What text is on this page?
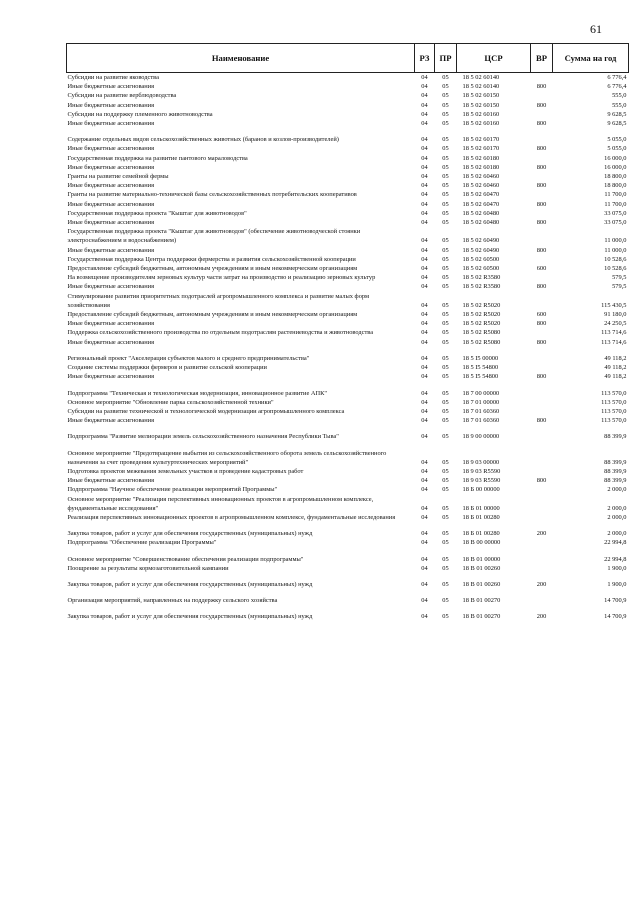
61
Наименование	РЗ	ПР	ЦСР	ВР	Сумма на год
Субсидии на развитие яководства	04	05	18 5 02 60140		6 776,4
Иные бюджетные ассигнования	04	05	18 5 02 60140	800	6 776,4
Субсидии на развитие верблюдоводства	04	05	18 5 02 60150		555,0
Иные бюджетные ассигнования	04	05	18 5 02 60150	800	555,0
Субсидии на поддержку племенного животноводства	04	05	18 5 02 60160		9 628,5
Иные бюджетные ассигнования	04	05	18 5 02 60160	800	9 628,5
Содержание отдельных видов сельскохозяйственных животных (баранов и козлов-производителей)	04	05	18 5 02 60170		5 055,0
Иные бюджетные ассигнования	04	05	18 5 02 60170	800	5 055,0
Государственная поддержка на развитие пантового мараловодства	04	05	18 5 02 60180		16 000,0
Иные бюджетные ассигнования	04	05	18 5 02 60180	800	16 000,0
Гранты на развитие семейной фермы	04	05	18 5 02 60460		18 800,0
Иные бюджетные ассигнования	04	05	18 5 02 60460	800	18 800,0
Гранты на развитие материально-технической базы сельскохозяйственных потребительских кооперативов	04	05	18 5 02 60470		11 700,0
Иные бюджетные ассигнования	04	05	18 5 02 60470	800	11 700,0
Государственная поддержка проекта "Кыштаг для животноводов"	04	05	18 5 02 60480		33 075,0
Иные бюджетные ассигнования	04	05	18 5 02 60480	800	33 075,0
Государственная поддержка проекта "Кыштаг для животноводов" (обеспечение животноводческой стоянки электроснабжением и водоснабжением)	04	05	18 5 02 60490		11 000,0
Иные бюджетные ассигнования	04	05	18 5 02 60490	800	11 000,0
Государственная поддержка Центра поддержки фермерства и развития сельскохозяйственной кооперации	04	05	18 5 02 60500		10 528,6
Предоставление субсидий бюджетным, автономным учреждениям и иным некоммерческим организациям	04	05	18 5 02 60500	600	10 528,6
На возмещение производителям зерновых культур части затрат на производство и реализацию зерновых культур	04	05	18 5 02 R3580		579,5
Иные бюджетные ассигнования	04	05	18 5 02 R3580	800	579,5
Стимулирование развития приоритетных подотраслей агропромышленного комплекса и развитие малых форм хозяйствования	04	05	18 5 02 R5020		115 430,5
Предоставление субсидий бюджетным, автономным учреждениям и иным некоммерческим организациям	04	05	18 5 02 R5020	600	91 180,0
Иные бюджетные ассигнования	04	05	18 5 02 R5020	800	24 250,5
Поддержка сельскохозяйственного производства по отдельным подотраслям растениеводства и животноводства	04	05	18 5 02 R5080		113 714,6
Иные бюджетные ассигнования	04	05	18 5 02 R5080	800	113 714,6
Региональный проект "Акселерация субъектов малого и среднего предпринимательства"	04	05	18 5 I5 00000		49 118,2
Создание системы поддержки фермеров и развитие сельской кооперации	04	05	18 5 I5 54800		49 118,2
Иные бюджетные ассигнования	04	05	18 5 I5 54800	800	49 118,2
Подпрограмма "Техническая и технологическая модернизация, инновационное развитие АПК"	04	05	18 7 00 00000		113 570,0
Основное мероприятие "Обновление парка сельскохозяйственной техники"	04	05	18 7 01 00000		113 570,0
Субсидии на развитие технической и технологической модернизации агропромышленного комплекса	04	05	18 7 01 60360		113 570,0
Иные бюджетные ассигнования	04	05	18 7 01 60360	800	113 570,0
Подпрограмма "Развитие мелиорации земель сельскохозяйственного назначения Республики Тыва"	04	05	18 9 00 00000		88 399,9
Основное мероприятие "Предотвращение выбытия из сельскохозяйственного оборота земель сельскохозяйственного назначения за счет проведения культуртехнических мероприятий"	04	05	18 9 03 00000		88 399,9
Подготовка проектов межевания земельных участков и проведение кадастровых работ	04	05	18 9 03 R5590		88 399,9
Иные бюджетные ассигнования	04	05	18 9 03 R5590	800	88 399,9
Подпрограмма "Научное обеспечение реализации мероприятий Программы"	04	05	18 Б 00 00000		2 000,0
Основное мероприятие "Реализация перспективных инновационных проектов в агропромышленном комплексе, фундаментальные исследования"	04	05	18 Б 01 00000		2 000,0
Реализация перспективных инновационных проектов в агропромышленном комплексе, фундаментальные исследования	04	05	18 Б 01 00280		2 000,0
Закупка товаров, работ и услуг для обеспечения государственных (муниципальных) нужд	04	05	18 Б 01 00280	200	2 000,0
Подпрограмма "Обеспечение реализации Программы"	04	05	18 В 00 00000		22 994,8
Основное мероприятие "Совершенствование обеспечения реализации подпрограммы"	04	05	18 В 01 00000		22 994,8
Поощрение за результаты кормозаготовительной кампании	04	05	18 В 01 00260		1 900,0
Закупка товаров, работ и услуг для обеспечения государственных (муниципальных) нужд	04	05	18 В 01 00260	200	1 900,0
Организация мероприятий, направленных на поддержку сельского хозяйства	04	05	18 В 01 00270		14 700,9
Закупка товаров, работ и услуг для обеспечения государственных (муниципальных) нужд	04	05	18 В 01 00270	200	14 700,9
